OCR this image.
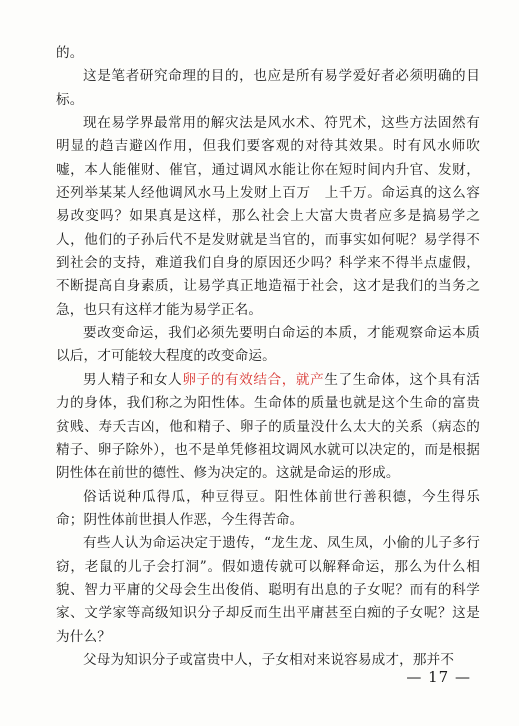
的。

这是笔者研究命理的目的，也应是所有易学爱好者必须明确的目标。

现在易学界最常用的解灾法是风水术、符咒术，这些方法固然有明显的趋吉避凶作用，但我们要客观的对待其效果。时有风水师吹嘘，本人能催财、催官，通过调风水能让你在短时间内升官、发财，还列举某某人经他调风水马上发财上百万　上千万。命运真的这么容易改变吗？如果真是这样，那么社会上大富大贵者应多是搞易学之人，他们的子孙后代不是发财就是当官的，而事实如何呢？易学得不到社会的支持，难道我们自身的原因还少吗？科学来不得半点虚假，不断提高自身素质，让易学真正地造福于社会，这才是我们的当务之急，也只有这样才能为易学正名。

要改变命运，我们必须先要明白命运的本质，才能观察命运本质以后，才可能较大程度的改变命运。

男人精子和女人卵子的有效结合，就产生了生命体，这个具有活力的身体，我们称之为阳性体。生命体的质量也就是这个生命的富贵贫贱、寿夭吉凶，他和精子、卵子的质量没什么太大的关系（病态的精子、卵子除外），也不是单凭修祖坟调风水就可以决定的，而是根据阴性体在前世的德性、修为决定的。这就是命运的形成。

俗话说种瓜得瓜，种豆得豆。阳性体前世行善积德，今生得乐命；阴性体前世損人作恶，今生得苦命。

有些人认为命运决定于遗传，“龙生龙、凤生凤，小偷的儿子多行窃，老鼠的儿子会打洞”。假如遗传就可以解释命运，那么为什么相貌、智力平庸的父母会生出俊俏、聪明有出息的子女呢？而有的科学家、文学家等高级知识分子却反而生出平庸甚至白痴的子女呢？这是为什么？

父母为知识分子或富贵中人，子女相对来说容易成才，那并不

— 17 —
